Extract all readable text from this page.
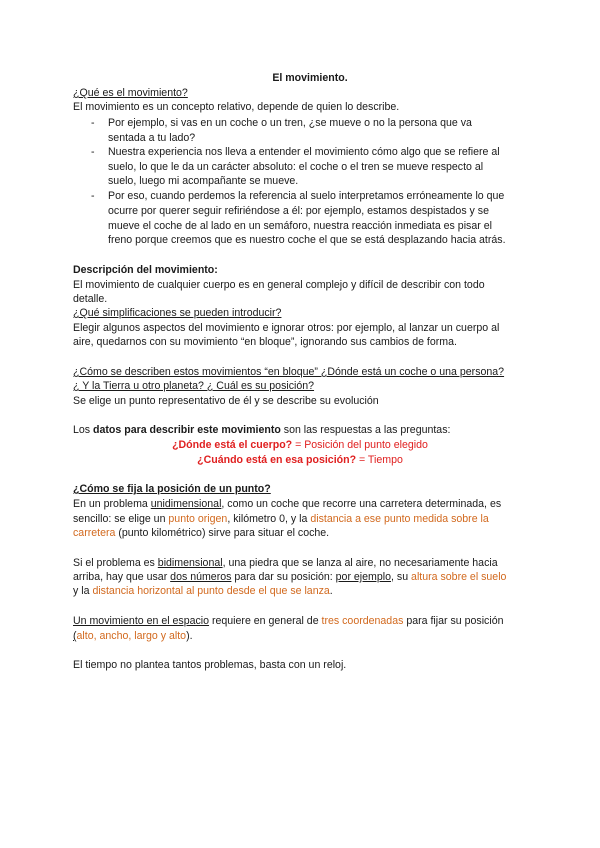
El movimiento.
¿Qué es el movimiento?
El movimiento es un concepto relativo, depende de quien lo describe.
- Por ejemplo, si vas en un coche o un tren, ¿se mueve o no la persona que va
sentada a tu lado?
- Nuestra experiencia nos lleva a entender el movimiento cómo algo que se refiere al
suelo, lo que le da un carácter absoluto: el coche o el tren se mueve respecto al
suelo, luego mi acompañante se mueve.
- Por eso, cuando perdemos la referencia al suelo interpretamos erróneamente lo que
ocurre por querer seguir refiriéndose a él: por ejemplo, estamos despistados y se
mueve el coche de al lado en un semáforo, nuestra reacción inmediata es pisar el
freno porque creemos que es nuestro coche el que se está desplazando hacia atrás.
Descripción del movimiento:
El movimiento de cualquier cuerpo es en general complejo y difícil de describir con todo
detalle.
¿Qué simplificaciones se pueden introducir?
Elegir algunos aspectos del movimiento e ignorar otros: por ejemplo, al lanzar un cuerpo al
aire, quedarnos con su movimiento “en bloque”, ignorando sus cambios de forma.
¿Cómo se describen estos movimientos “en bloque” ¿Dónde está un coche o una persona?
¿ Y la Tierra u otro planeta? ¿ Cuál es su posición?
Se elige un punto representativo de él y se describe su evolución
Los datos para describir este movimiento son las respuestas a las preguntas:
¿Dónde está el cuerpo? = Posición del punto elegido
¿Cuándo está en esa posición? = Tiempo
¿Cómo se fija la posición de un punto?
En un problema unidimensional, como un coche que recorre una carretera determinada, es
sencillo: se elige un punto origen, kilómetro 0, y la distancia a ese punto medida sobre la
carretera (punto kilométrico) sirve para situar el coche.
Si el problema es bidimensional, una piedra que se lanza al aire, no necesariamente hacia
arriba, hay que usar dos números para dar su posición: por ejemplo, su altura sobre el suelo
y la distancia horizontal al punto desde el que se lanza.
Un movimiento en el espacio requiere en general de tres coordenadas para fijar su posición
(alto, ancho, largo y alto).
El tiempo no plantea tantos problemas, basta con un reloj.
